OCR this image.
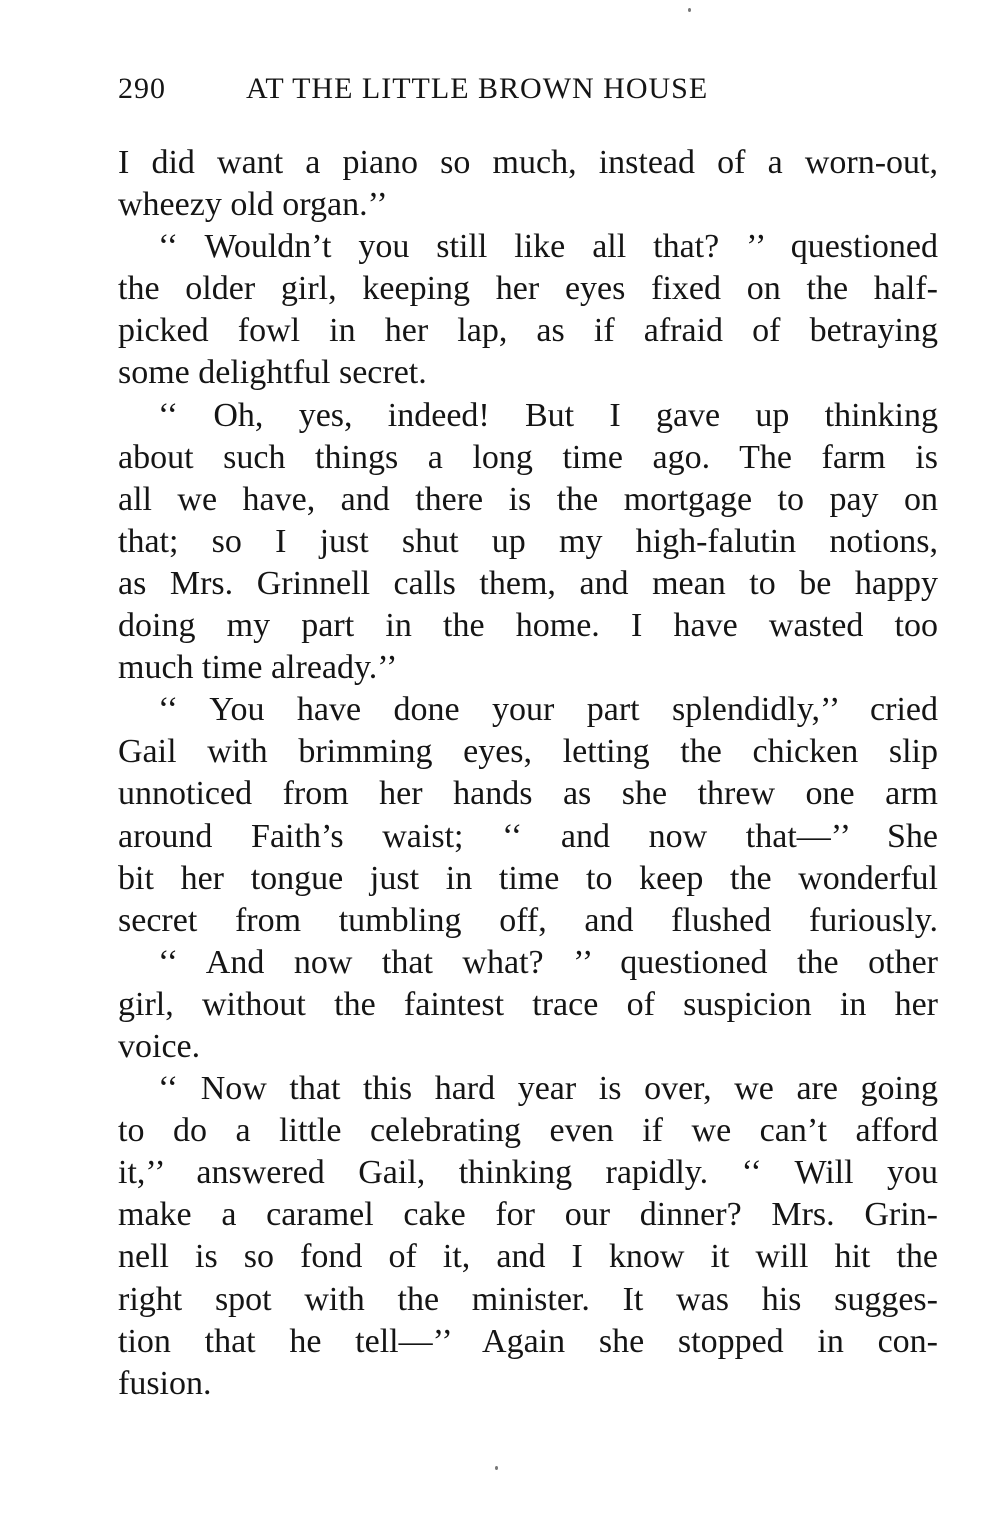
290	AT THE LITTLE BROWN HOUSE
I did want a piano so much, instead of a worn-out,
wheezy old organ.’’
‘‘ Wouldn’t you still like all that? ’’ questioned
the older girl, keeping her eyes fixed on the half-
picked fowl in her lap, as if afraid of betraying
some delightful secret.
‘‘ Oh, yes, indeed! But I gave up thinking
about such things a long time ago. The farm is
all we have, and there is the mortgage to pay on
that; so I just shut up my high-falutin notions,
as Mrs. Grinnell calls them, and mean to be happy
doing my part in the home. I have wasted too
much time already.’’
‘‘ You have done your part splendidly,’’ cried
Gail with brimming eyes, letting the chicken slip
unnoticed from her hands as she threw one arm
around Faith’s waist; ‘‘ and now that—’’ She
bit her tongue just in time to keep the wonderful
secret from tumbling off, and flushed furiously.
‘‘ And now that what? ’’ questioned the other
girl, without the faintest trace of suspicion in her
voice.
‘‘ Now that this hard year is over, we are going
to do a little celebrating even if we can’t afford
it,’’ answered Gail, thinking rapidly. ‘‘ Will you
make a caramel cake for our dinner? Mrs. Grin-
nell is so fond of it, and I know it will hit the
right spot with the minister. It was his sugges-
tion that he tell—’’ Again she stopped in con-
fusion.
